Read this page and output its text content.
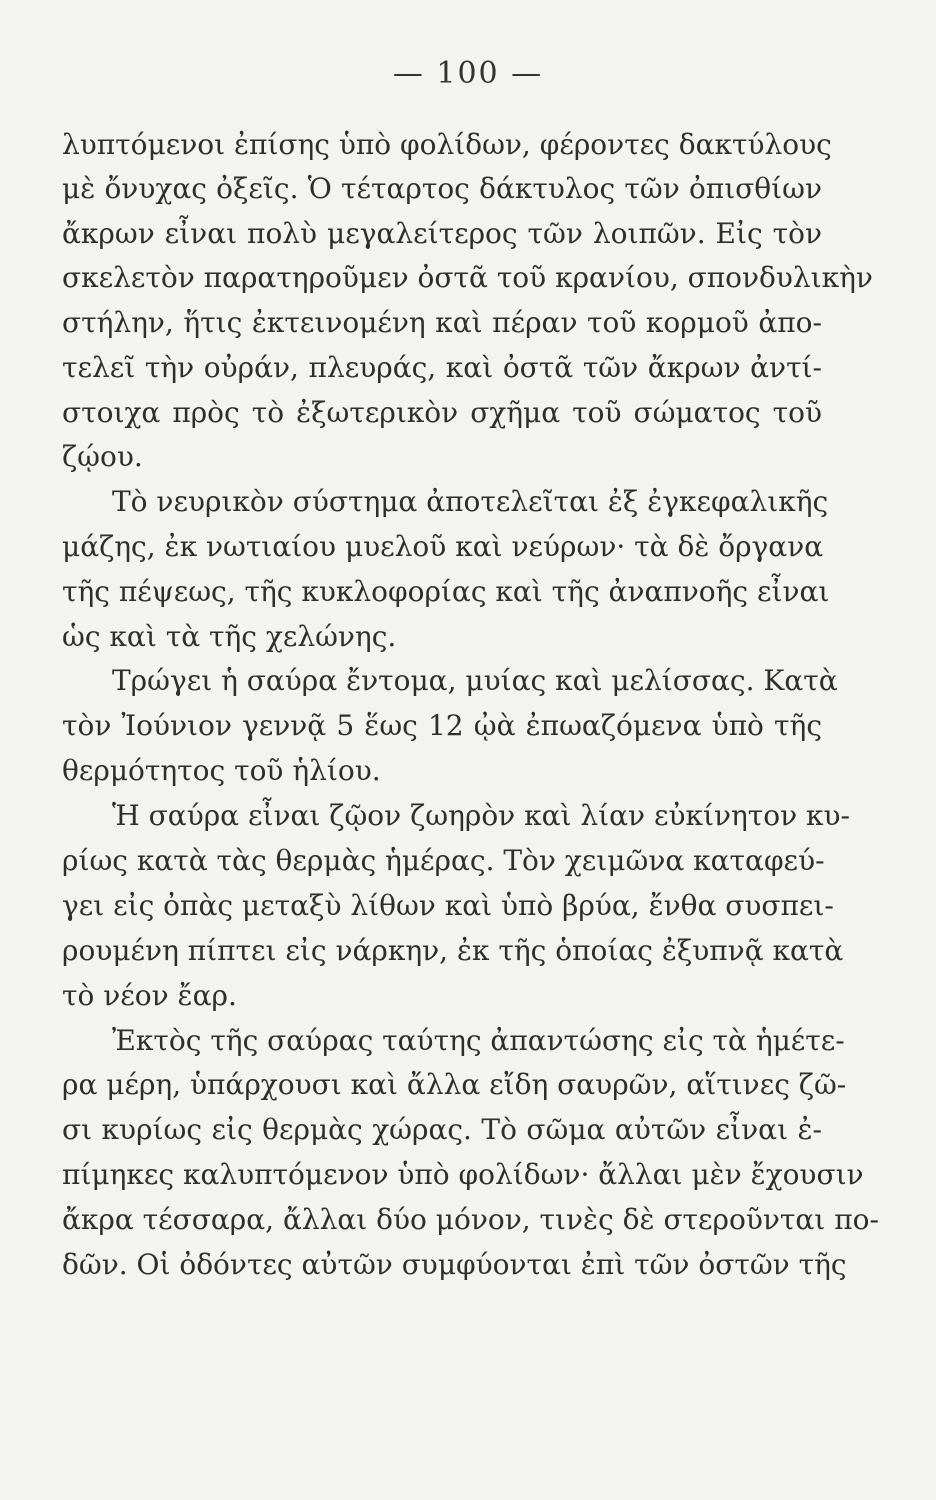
— 100 —
λυπτόμενοι ἐπίσης ὑπὸ φολίδων, φέροντες δακτύλους
μὲ ὄνυχας ὀξεῖς. Ὁ τέταρτος δάκτυλος τῶν ὀπισθίων
ἄκρων εἶναι πολὺ μεγαλείτερος τῶν λοιπῶν. Εἰς τὸν
σκελετὸν παρατηροῦμεν ὀστᾶ τοῦ κρανίου, σπονδυλικὴν
στήλην, ἥτις ἐκτεινομένη καὶ πέραν τοῦ κορμοῦ ἀπο-
τελεῖ τὴν οὐράν, πλευράς, καὶ ὀστᾶ τῶν ἄκρων ἀντί-
στοιχα πρὸς τὸ ἐξωτερικὸν σχῆμα τοῦ σώματος τοῦ
ζῴου.
Τὸ νευρικὸν σύστημα ἀποτελεῖται ἐξ ἐγκεφαλικῆς
μάζης, ἐκ νωτιαίου μυελοῦ καὶ νεύρων· τὰ δὲ ὄργανα
τῆς πέψεως, τῆς κυκλοφορίας καὶ τῆς ἀναπνοῆς εἶναι
ὡς καὶ τὰ τῆς χελώνης.
Τρώγει ἡ σαύρα ἔντομα, μυίας καὶ μελίσσας. Κατὰ
τὸν Ἰούνιον γεννᾷ 5 ἕως 12 ᾠὰ ἐπωαζόμενα ὑπὸ τῆς
θερμότητος τοῦ ἡλίου.
Ἡ σαύρα εἶναι ζῷον ζωηρὸν καὶ λίαν εὐκίνητον κυ-
ρίως κατὰ τὰς θερμὰς ἡμέρας. Τὸν χειμῶνα καταφεύ-
γει εἰς ὀπὰς μεταξὺ λίθων καὶ ὑπὸ βρύα, ἔνθα συσπει-
ρουμένη πίπτει εἰς νάρκην, ἐκ τῆς ὁποίας ἐξυπνᾷ κατὰ
τὸ νέον ἔαρ.
Ἐκτὸς τῆς σαύρας ταύτης ἀπαντώσης εἰς τὰ ἡμέτε-
ρα μέρη, ὑπάρχουσι καὶ ἄλλα εἴδη σαυρῶν, αἵτινες ζῶ-
σι κυρίως εἰς θερμὰς χώρας. Τὸ σῶμα αὐτῶν εἶναι ἐ-
πίμηκες καλυπτόμενον ὑπὸ φολίδων· ἄλλαι μὲν ἔχουσιν
ἄκρα τέσσαρα, ἄλλαι δύο μόνον, τινὲς δὲ στεροῦνται πο-
δῶν. Οἱ ὀδόντες αὐτῶν συμφύονται ἐπὶ τῶν ὀστῶν τῆς
